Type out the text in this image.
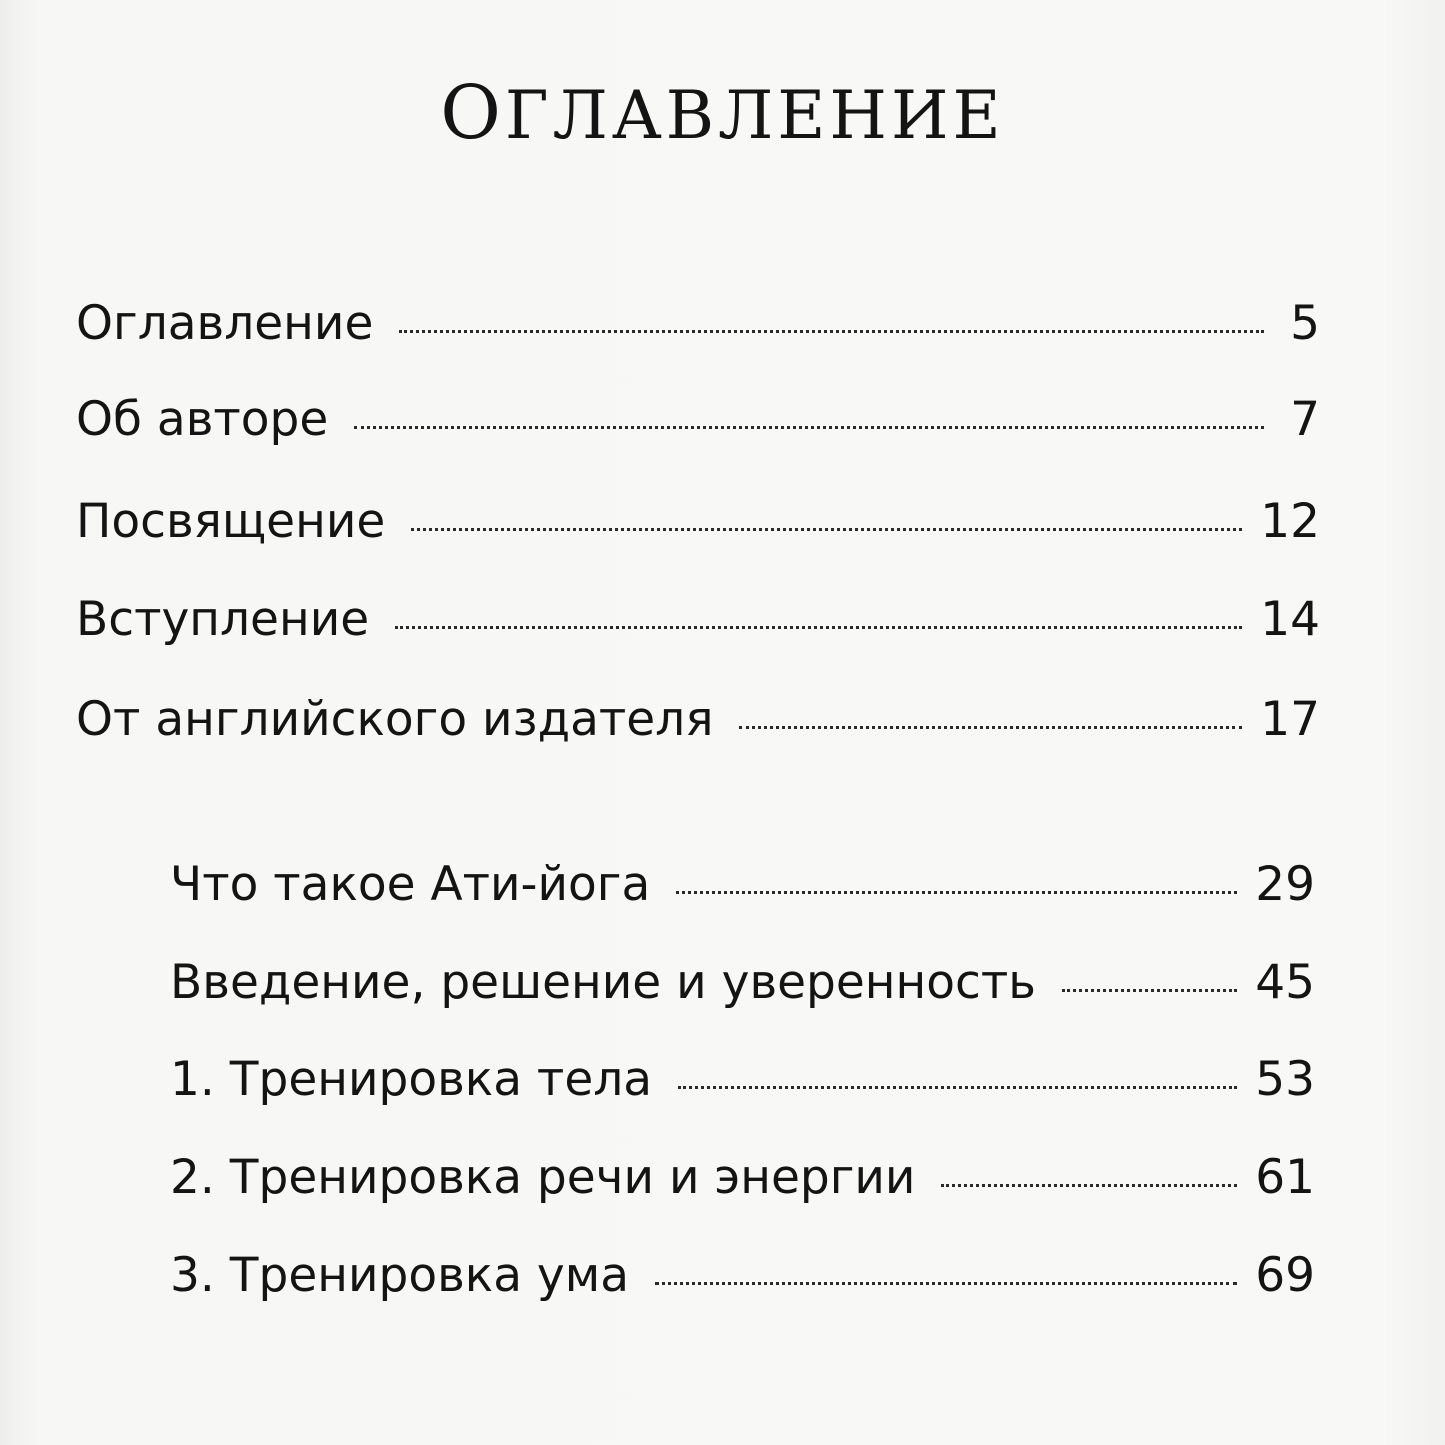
ОГЛАВЛЕНИЕ
Оглавление	5
Об авторе	7
Посвящение	12
Вступление	14
От английского издателя	17
Что такое Ати-йога	29
Введение, решение и уверенность	45
1. Тренировка тела	53
2. Тренировка речи и энергии	61
3. Тренировка ума	69
